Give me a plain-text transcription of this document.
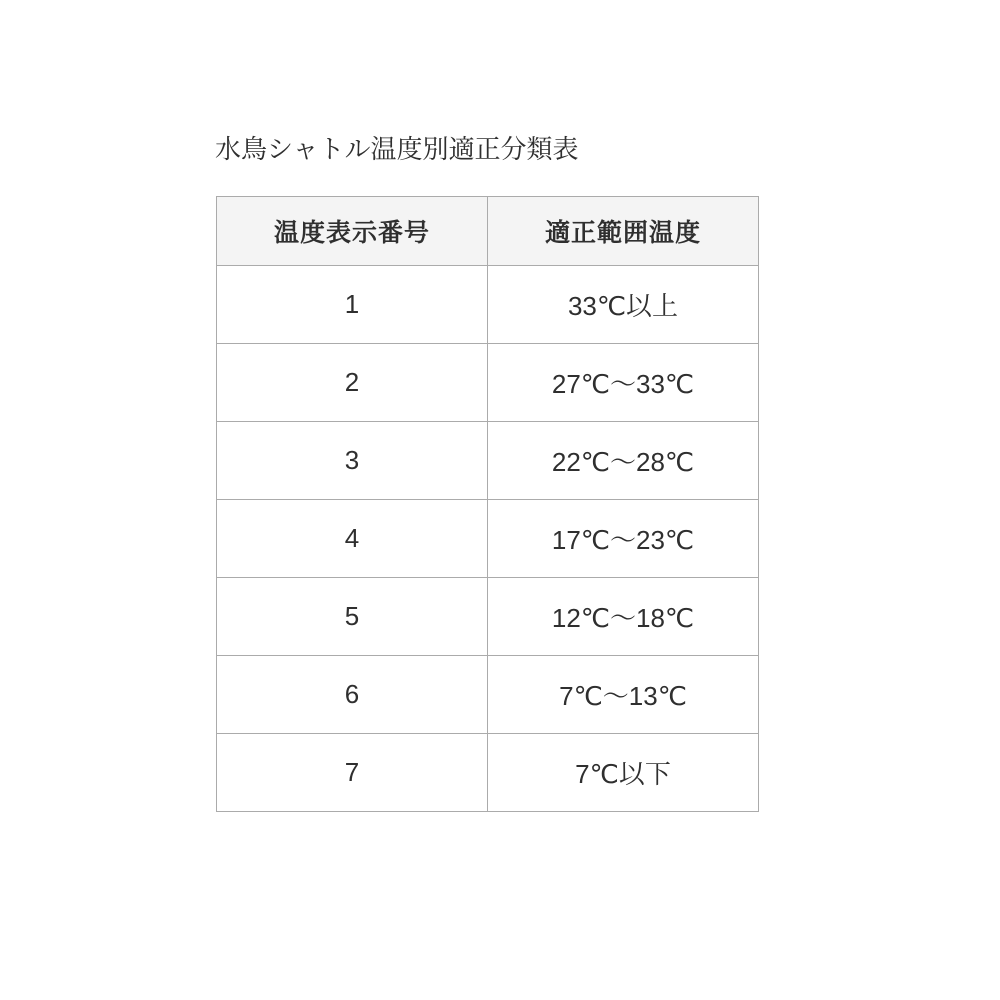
水鳥シャトル温度別適正分類表
温度表示番号	適正範囲温度
1	33℃以上
2	27℃～33℃
3	22℃～28℃
4	17℃～23℃
5	12℃～18℃
6	7℃～13℃
7	7℃以下
